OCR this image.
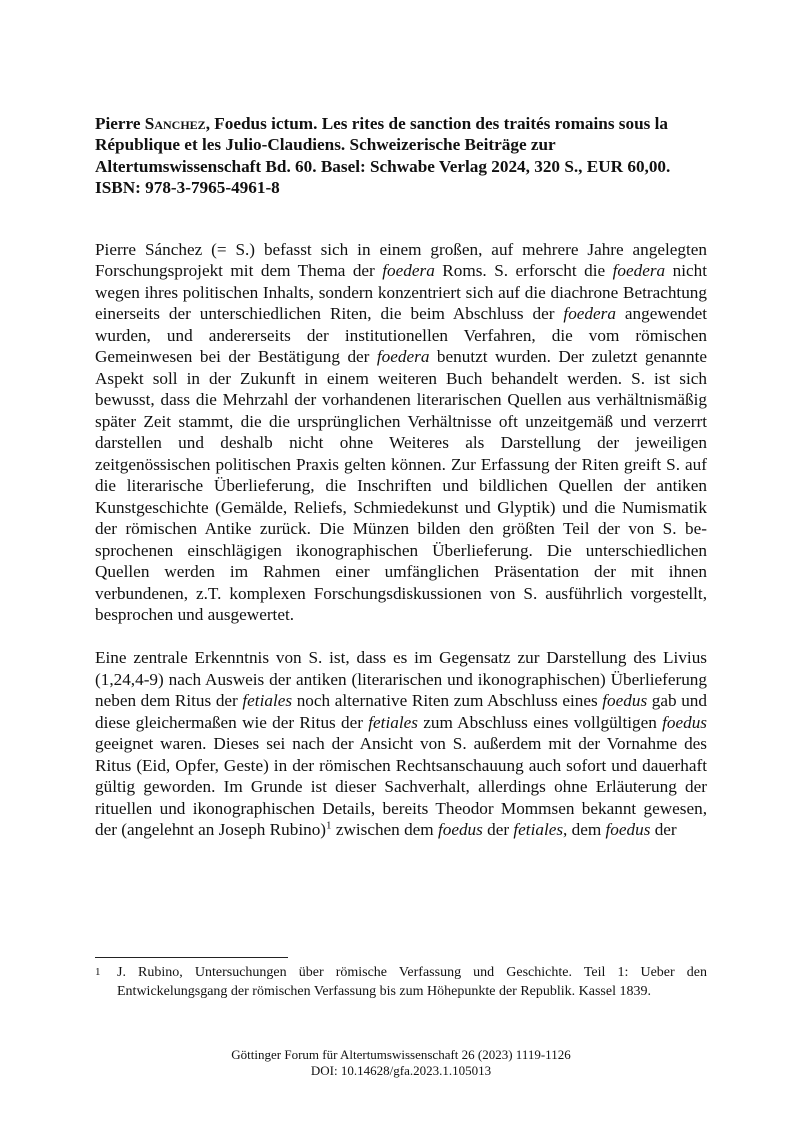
Pierre Sanchez, Foedus ictum. Les rites de sanction des traités romains sous la République et les Julio-Claudiens. Schweizerische Beiträge zur Altertumswissenschaft Bd. 60. Basel: Schwabe Verlag 2024, 320 S., EUR 60,00. ISBN: 978-3-7965-4961-8

Pierre Sánchez (= S.) befasst sich in einem großen, auf mehrere Jahre angelegten Forschungsprojekt mit dem Thema der foedera Roms. S. erforscht die foedera nicht wegen ihres politischen Inhalts, sondern konzentriert sich auf die diachrone Betrachtung einerseits der unterschiedlichen Riten, die beim Abschluss der foedera angewendet wurden, und andererseits der institutionellen Verfahren, die vom römischen Gemeinwesen bei der Bestätigung der foedera benutzt wurden. Der zuletzt genannte Aspekt soll in der Zukunft in einem weiteren Buch behandelt werden. S. ist sich bewusst, dass die Mehrzahl der vorhandenen literarischen Quellen aus verhältnismäßig später Zeit stammt, die die ursprünglichen Verhältnisse oft unzeitgemäß und verzerrt darstellen und deshalb nicht ohne Weiteres als Darstellung der jeweiligen zeitgenössischen politischen Praxis gelten können. Zur Erfassung der Riten greift S. auf die literarische Überlieferung, die Inschriften und bildlichen Quellen der antiken Kunstgeschichte (Gemälde, Reliefs, Schmiedekunst und Glyptik) und die Numismatik der römischen Antike zurück. Die Münzen bilden den größten Teil der von S. besprochenen einschlägigen ikonographischen Überlieferung. Die unterschiedlichen Quellen werden im Rahmen einer umfänglichen Präsentation der mit ihnen verbundenen, z.T. komplexen Forschungsdiskussionen von S. ausführlich vorgestellt, besprochen und ausgewertet.

Eine zentrale Erkenntnis von S. ist, dass es im Gegensatz zur Darstellung des Livius (1,24,4-9) nach Ausweis der antiken (literarischen und ikonographischen) Überlieferung neben dem Ritus der fetiales noch alternative Riten zum Abschluss eines foedus gab und diese gleichermaßen wie der Ritus der fetiales zum Abschluss eines vollgültigen foedus geeignet waren. Dieses sei nach der Ansicht von S. außerdem mit der Vornahme des Ritus (Eid, Opfer, Geste) in der römischen Rechtsanschauung auch sofort und dauerhaft gültig geworden. Im Grunde ist dieser Sachverhalt, allerdings ohne Erläuterung der rituellen und ikonographischen Details, bereits Theodor Mommsen bekannt gewesen, der (angelehnt an Joseph Rubino)$^1$ zwischen dem foedus der fetiales, dem foedus der

1	J. Rubino, Untersuchungen über römische Verfassung und Geschichte. Teil 1: Ueber den Entwickelungsgang der römischen Verfassung bis zum Höhepunkte der Republik. Kassel 1839.
Göttinger Forum für Altertumswissenschaft 26 (2023) 1119-1126
DOI: 10.14628/gfa.2023.1.105013
